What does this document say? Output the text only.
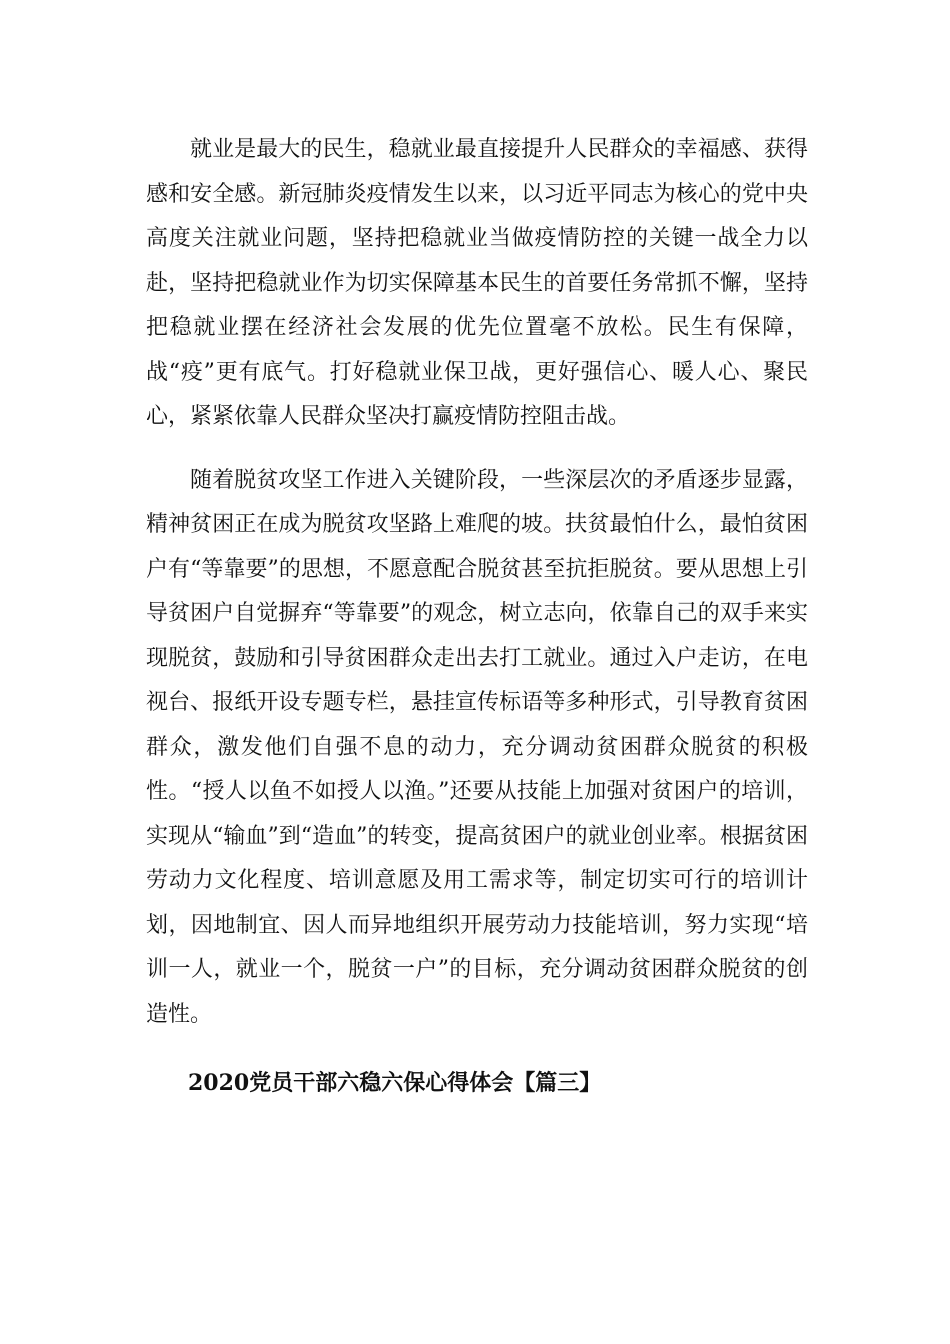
就业是最大的民生，稳就业最直接提升人民群众的幸福感、获得感和安全感。新冠肺炎疫情发生以来，以习近平同志为核心的党中央高度关注就业问题，坚持把稳就业当做疫情防控的关键一战全力以赴，坚持把稳就业作为切实保障基本民生的首要任务常抓不懈，坚持把稳就业摆在经济社会发展的优先位置毫不放松。民生有保障，战“疫”更有底气。打好稳就业保卫战，更好强信心、暖人心、聚民心，紧紧依靠人民群众坚决打赢疫情防控阻击战。

随着脱贫攻坚工作进入关键阶段，一些深层次的矛盾逐步显露，精神贫困正在成为脱贫攻坚路上难爬的坡。扶贫最怕什么，最怕贫困户有“等靠要”的思想，不愿意配合脱贫甚至抗拒脱贫。要从思想上引导贫困户自觉摒弃“等靠要”的观念，树立志向，依靠自己的双手来实现脱贫，鼓励和引导贫困群众走出去打工就业。通过入户走访，在电视台、报纸开设专题专栏，悬挂宣传标语等多种形式，引导教育贫困群众，激发他们自强不息的动力，充分调动贫困群众脱贫的积极性。“授人以鱼不如授人以渔。”还要从技能上加强对贫困户的培训，实现从“输血”到“造血”的转变，提高贫困户的就业创业率。根据贫困劳动力文化程度、培训意愿及用工需求等，制定切实可行的培训计划，因地制宜、因人而异地组织开展劳动力技能培训，努力实现“培训一人，就业一个，脱贫一户”的目标，充分调动贫困群众脱贫的创造性。

2020党员干部六稳六保心得体会【篇三】
